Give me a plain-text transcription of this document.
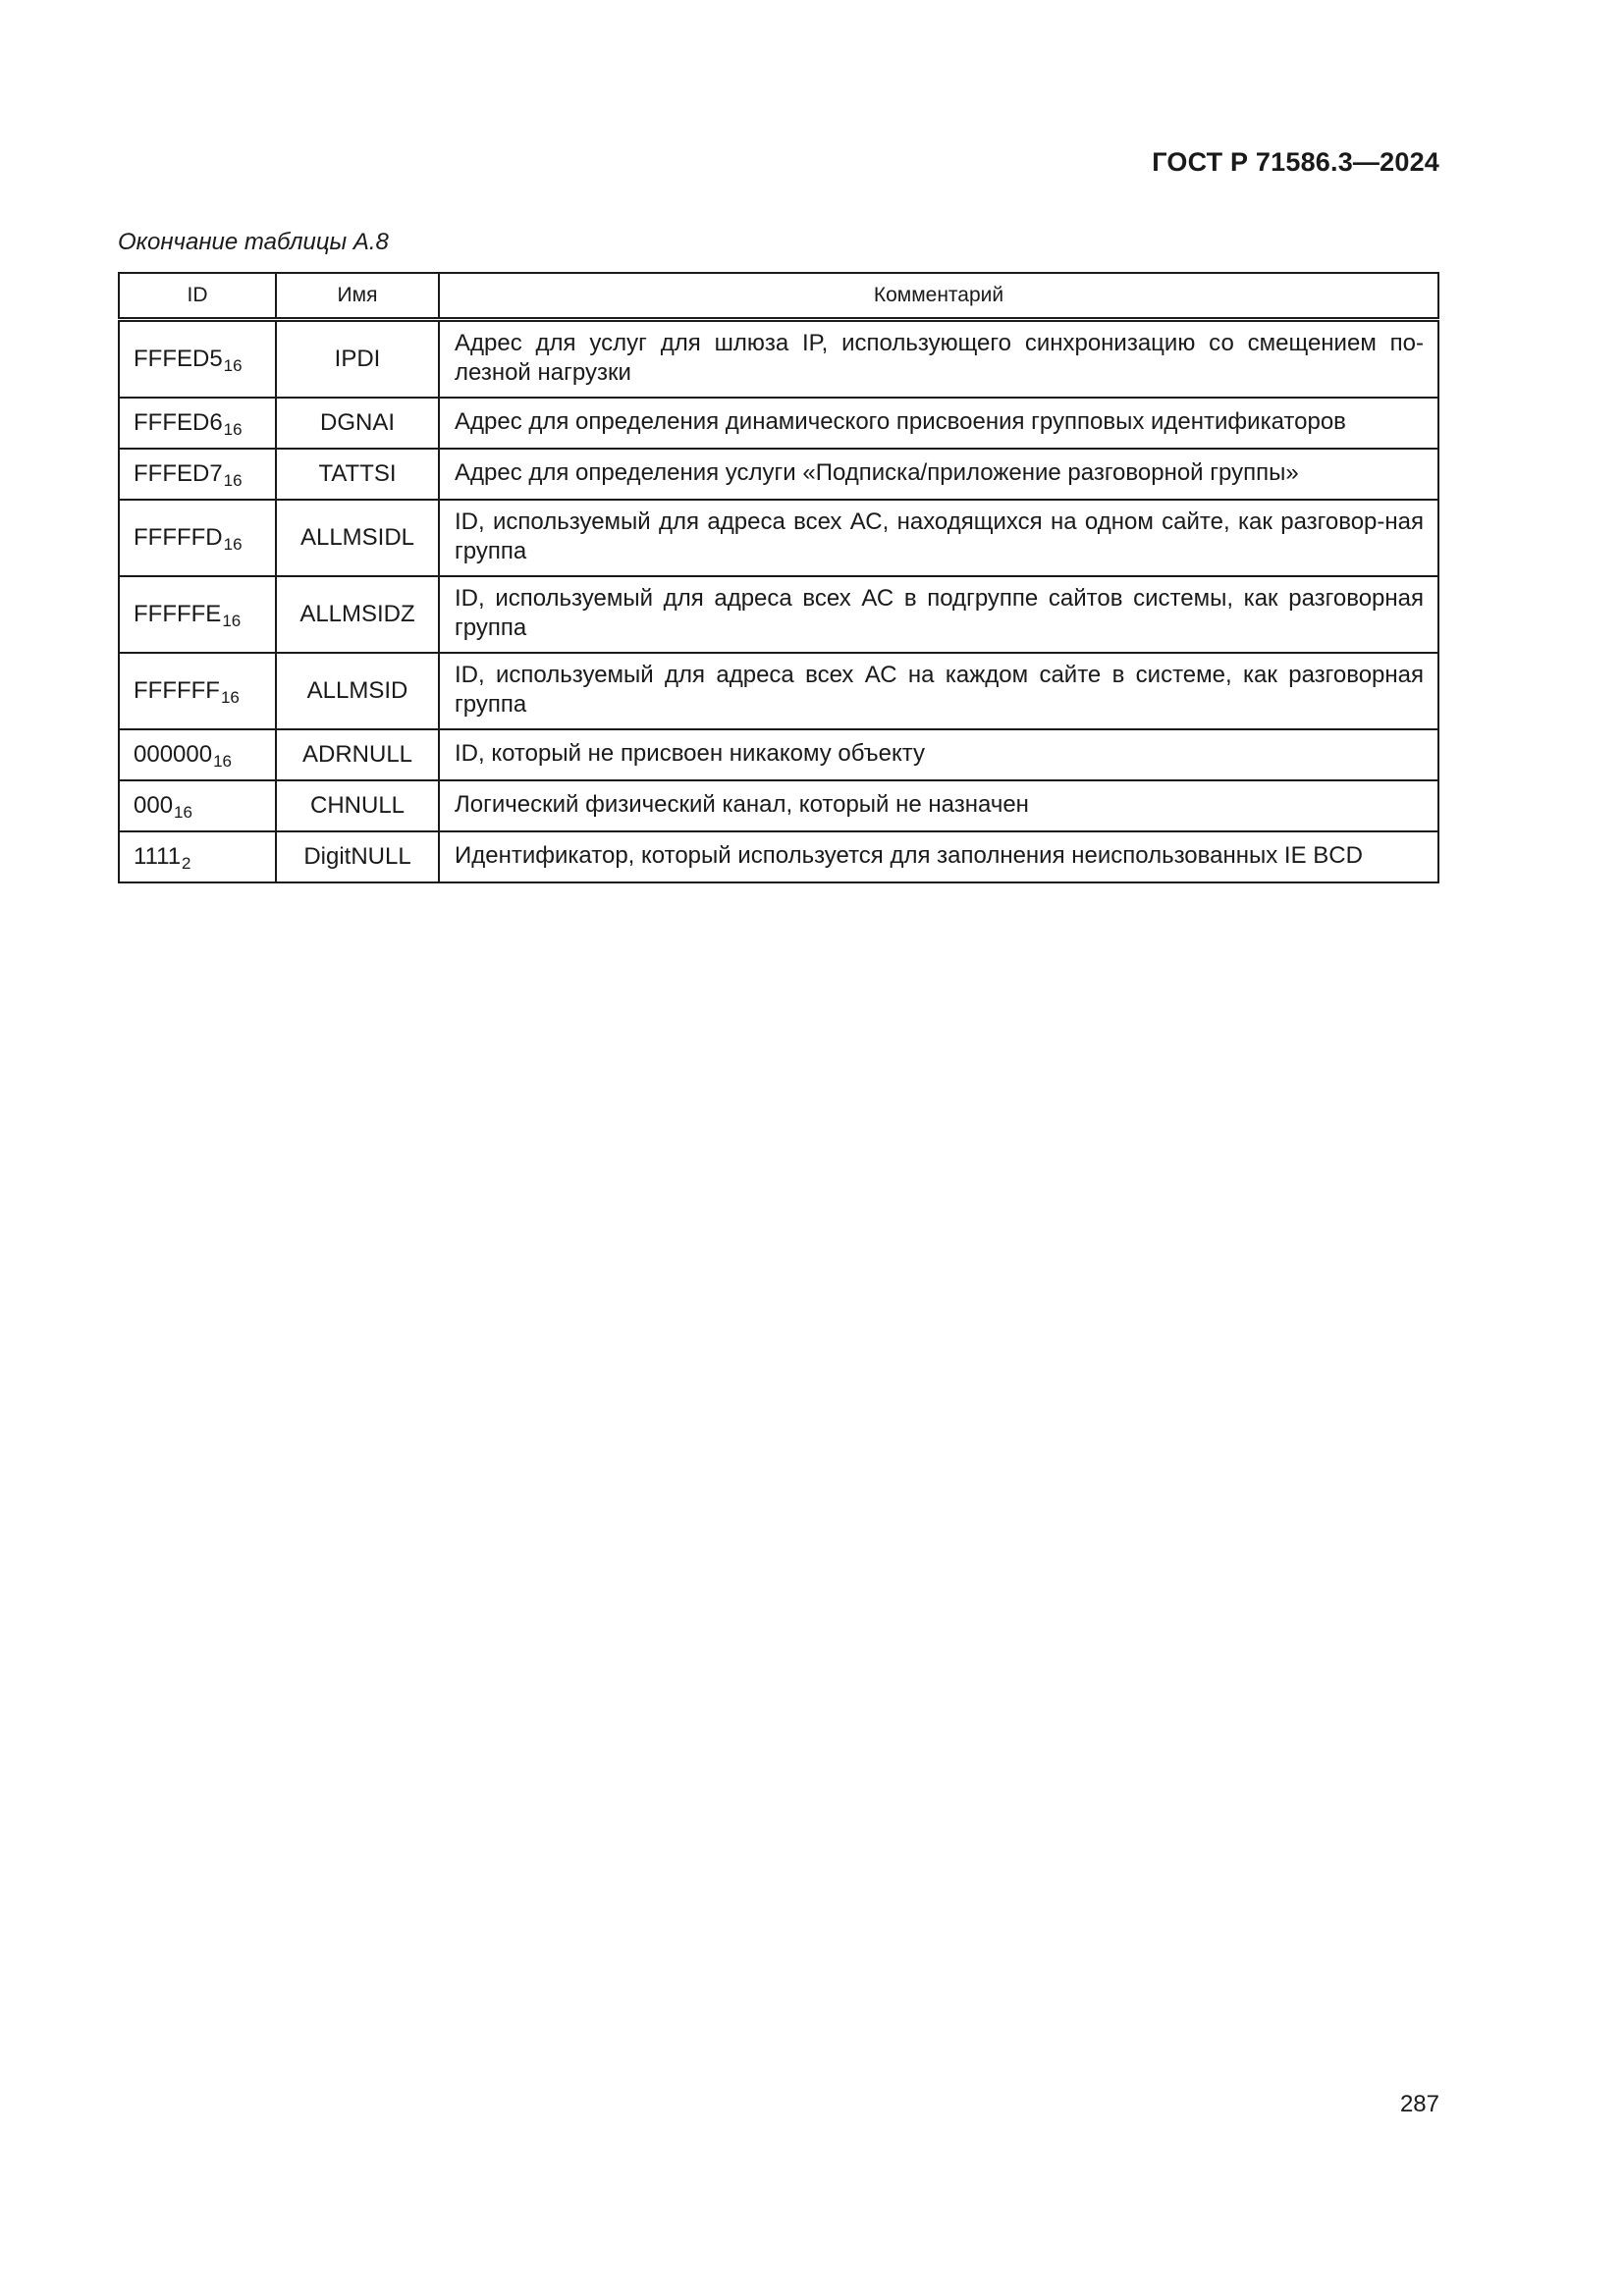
ГОСТ Р 71586.3—2024
Окончание таблицы А.8
ID	Имя	Комментарий
$FFFED5_{16}$	IPDI	Адрес для услуг для шлюза IP, использующего синхронизацию со смещением по-лезной нагрузки
$FFFED6_{16}$	DGNAI	Адрес для определения динамического присвоения групповых идентификаторов
$FFFED7_{16}$	TATTSI	Адрес для определения услуги «Подписка/приложение разговорной группы»
$FFFFFD_{16}$	ALLMSIDL	ID, используемый для адреса всех АС, находящихся на одном сайте, как разговор-ная группа
$FFFFFE_{16}$	ALLMSIDZ	ID, используемый для адреса всех АС в подгруппе сайтов системы, как разговорная группа
$FFFFFF_{16}$	ALLMSID	ID, используемый для адреса всех АС на каждом сайте в системе, как разговорная группа
$000000_{16}$	ADRNULL	ID, который не присвоен никакому объекту
$000_{16}$	CHNULL	Логический физический канал, который не назначен
$1111_2$	DigitNULL	Идентификатор, который используется для заполнения неиспользованных IE BCD
287
